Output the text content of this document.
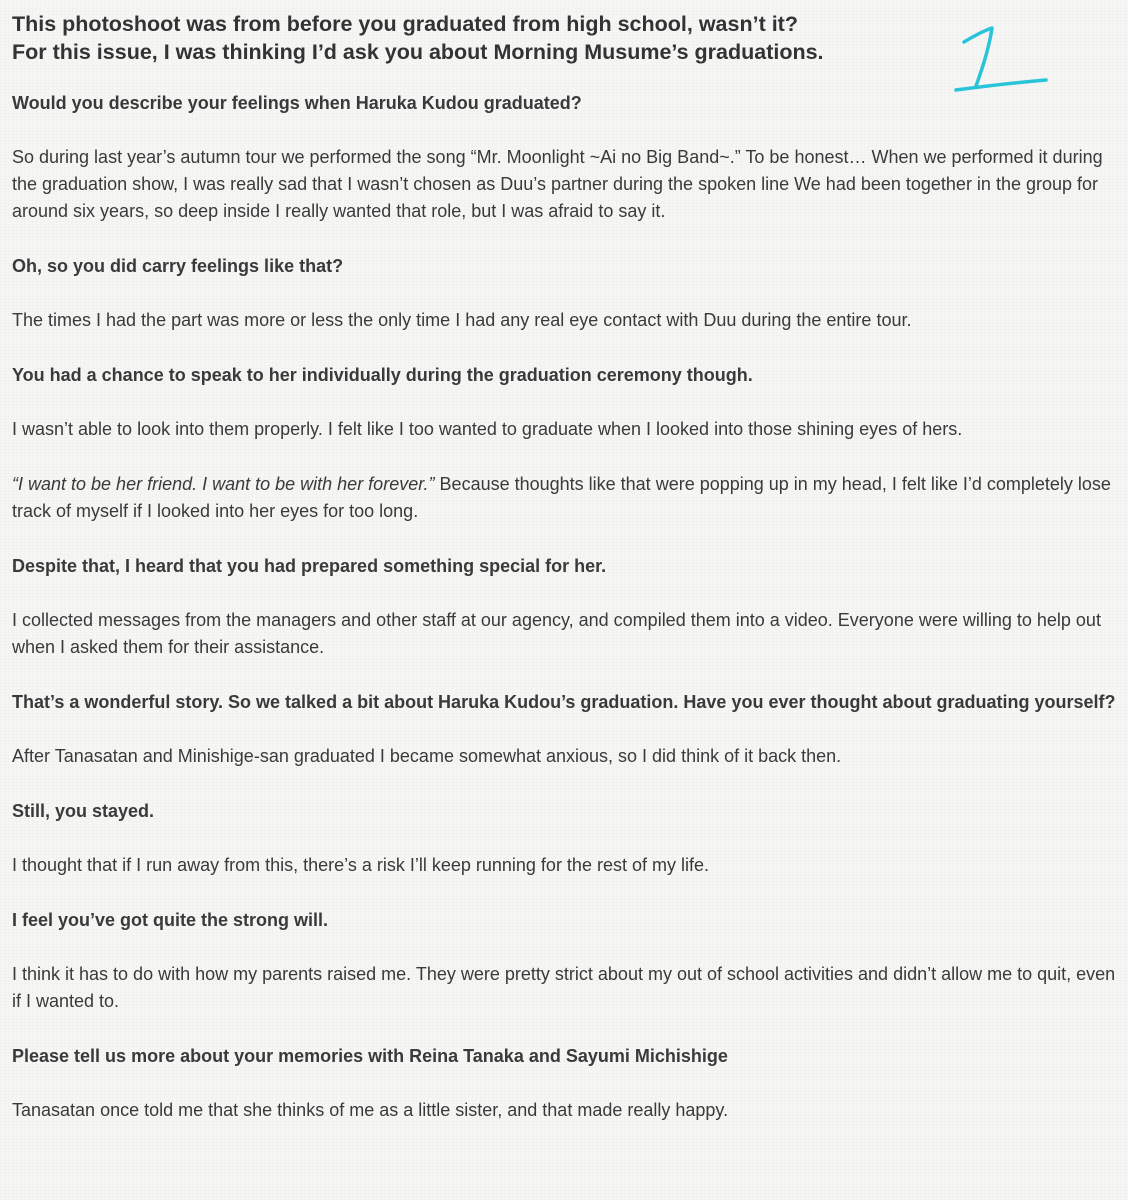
This photoshoot was from before you graduated from high school, wasn’t it?
For this issue, I was thinking I’d ask you about Morning Musume’s graduations.

Would you describe your feelings when Haruka Kudou graduated?

So during last year’s autumn tour we performed the song “Mr. Moonlight ~Ai no Big Band~.” To be honest… When we performed it during the graduation show, I was really sad that I wasn’t chosen as Duu’s partner during the spoken line We had been together in the group for around six years, so deep inside I really wanted that role, but I was afraid to say it.

Oh, so you did carry feelings like that?

The times I had the part was more or less the only time I had any real eye contact with Duu during the entire tour.

You had a chance to speak to her individually during the graduation ceremony though.

I wasn’t able to look into them properly. I felt like I too wanted to graduate when I looked into those shining eyes of hers.

“I want to be her friend. I want to be with her forever.” Because thoughts like that were popping up in my head, I felt like I’d completely lose track of myself if I looked into her eyes for too long.

Despite that, I heard that you had prepared something special for her.

I collected messages from the managers and other staff at our agency, and compiled them into a video. Everyone were willing to help out when I asked them for their assistance.

That’s a wonderful story. So we talked a bit about Haruka Kudou’s graduation. Have you ever thought about graduating yourself?

After Tanasatan and Minishige-san graduated I became somewhat anxious, so I did think of it back then.

Still, you stayed.

I thought that if I run away from this, there’s a risk I’ll keep running for the rest of my life.

I feel you’ve got quite the strong will.

I think it has to do with how my parents raised me. They were pretty strict about my out of school activities and didn’t allow me to quit, even if I wanted to.

Please tell us more about your memories with Reina Tanaka and Sayumi Michishige

Tanasatan once told me that she thinks of me as a little sister, and that made really happy.
